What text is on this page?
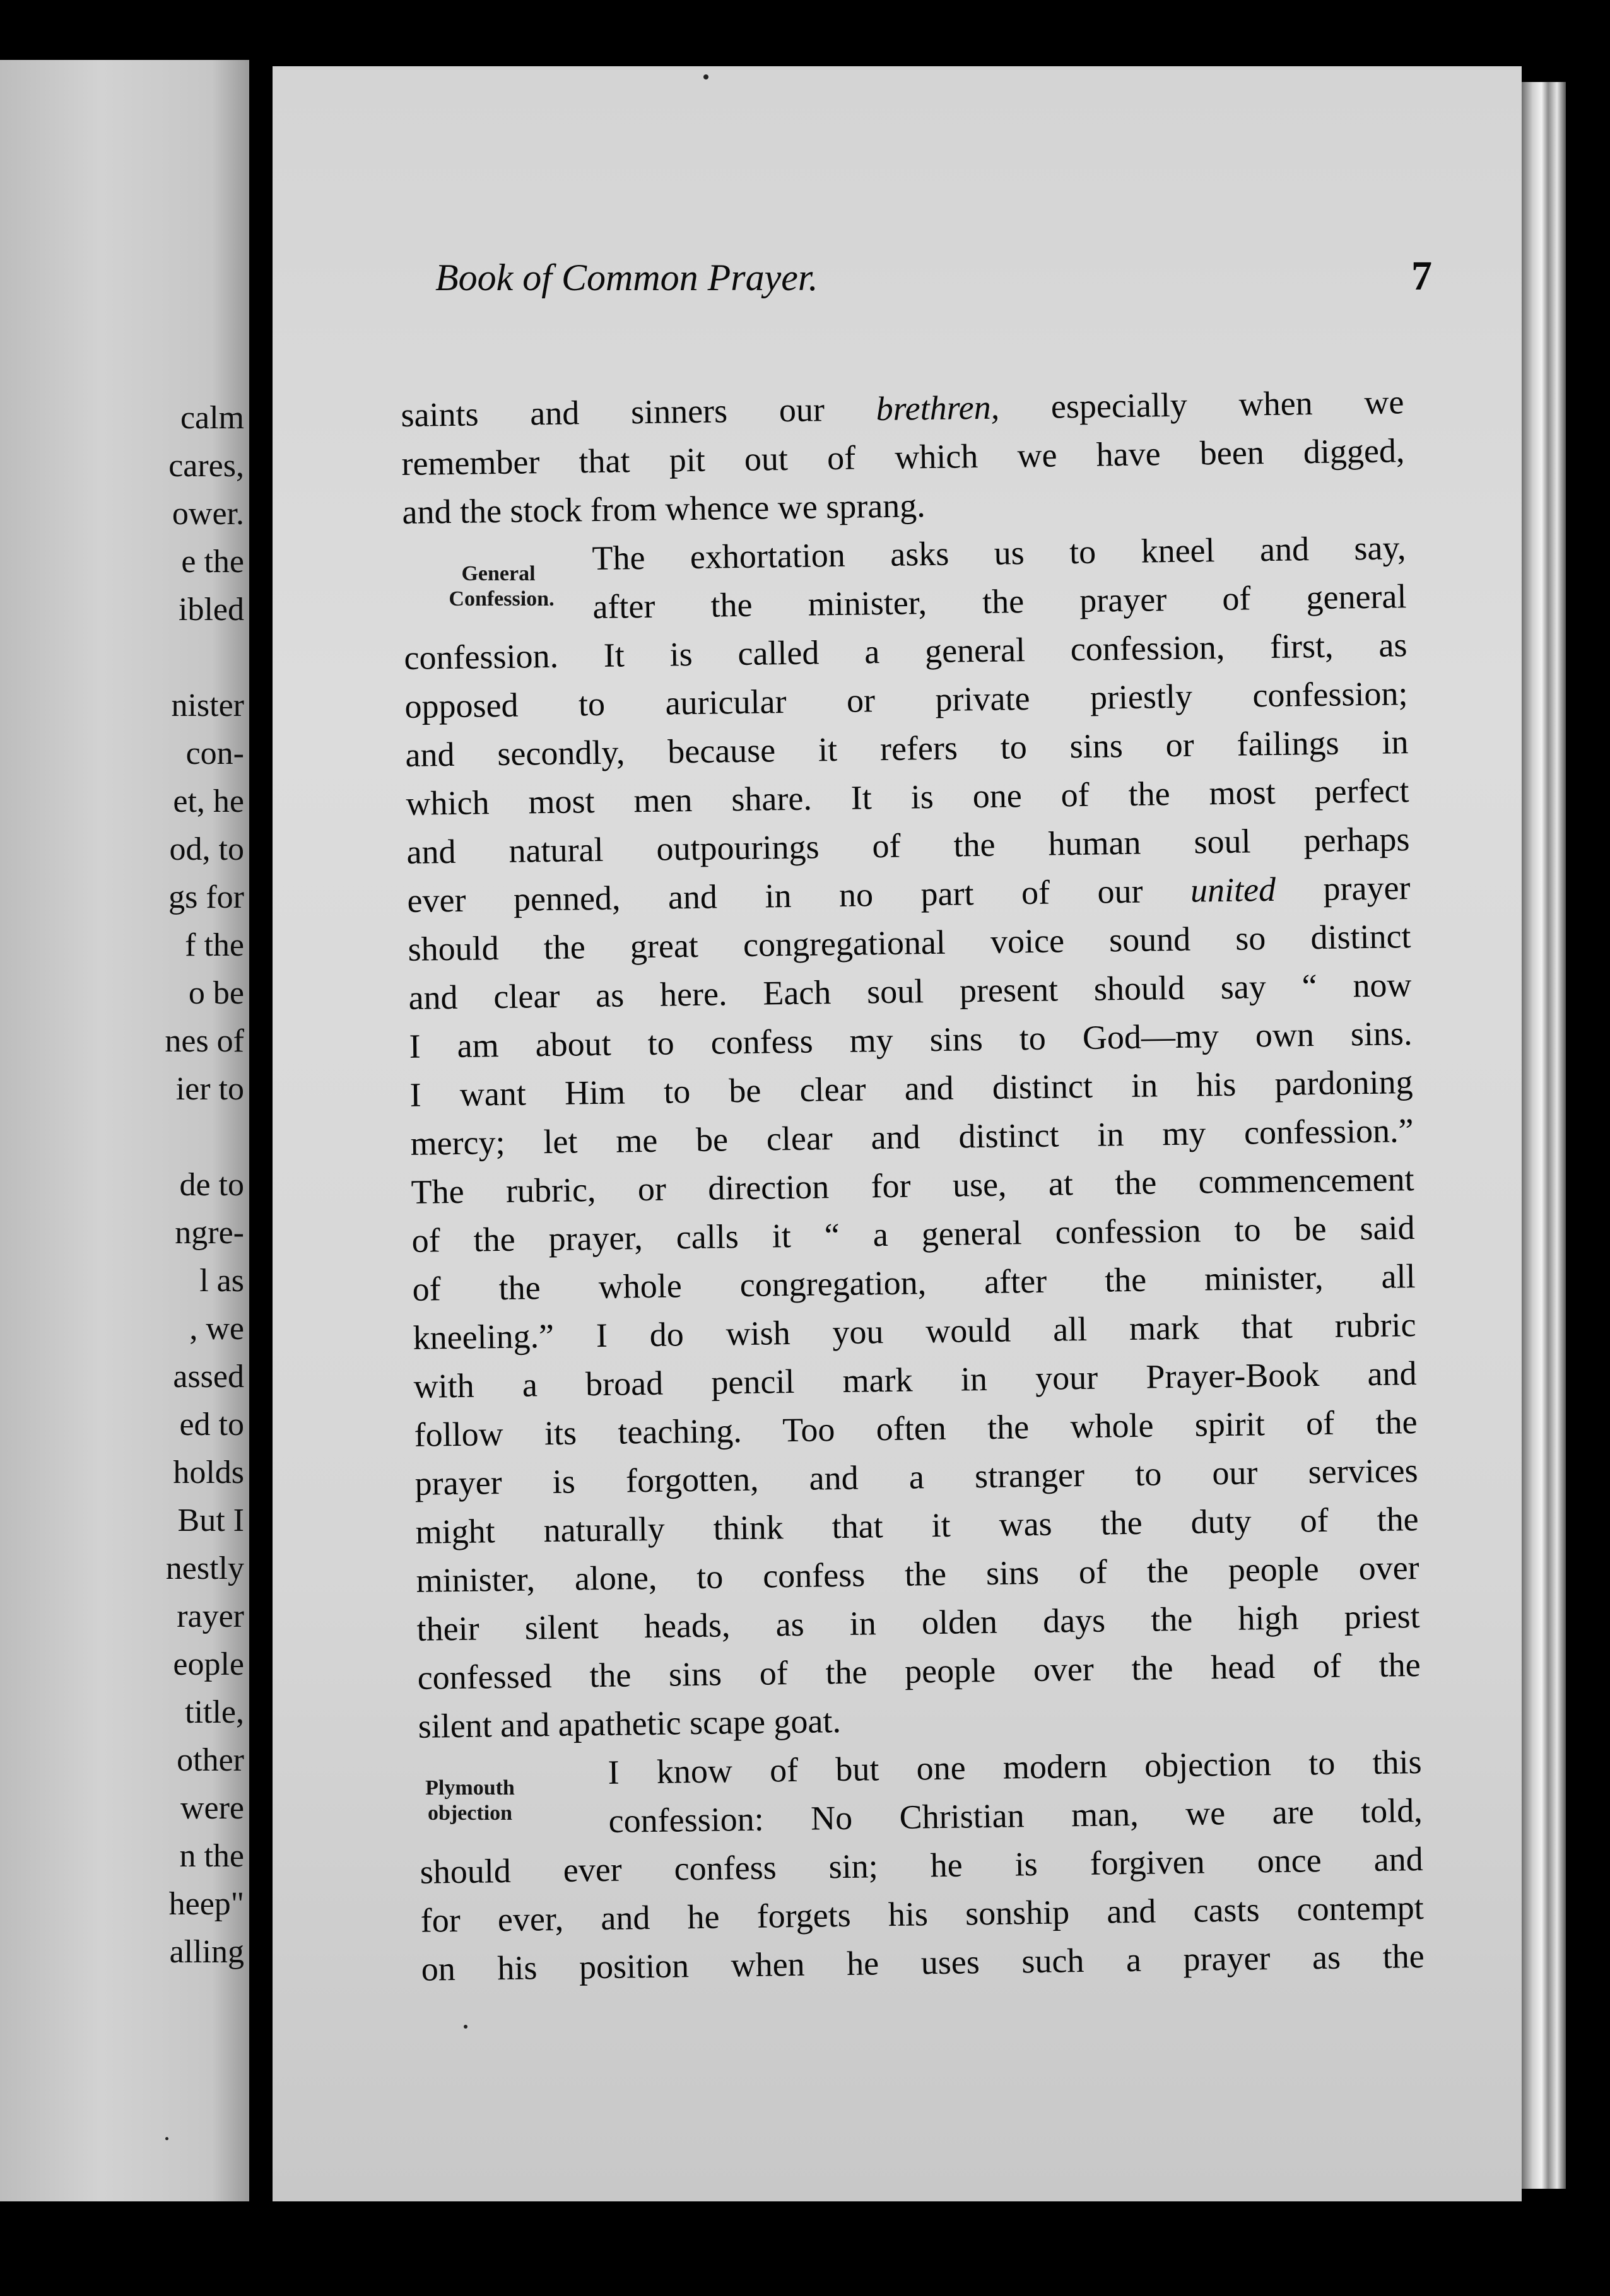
calm
cares,
ower.
e the
ibled
nister
con-
et, he
od, to
gs for
f the
o be
nes of
ier to
de to
ngre-
l as
, we
assed
ed to
holds
But I
nestly
rayer
eople
title,
other
were
n the
heep"
alling
Book of Common Prayer.	7
General
Confession.
Plymouth
objection
saints and sinners our brethren, especially when we
remember that pit out of which we have been digged,
and the stock from whence we sprang.
The exhortation asks us to kneel and say,
after the minister, the prayer of general
confession. It is called a general confession, first, as
opposed to auricular or private priestly confession;
and secondly, because it refers to sins or failings in
which most men share. It is one of the most perfect
and natural outpourings of the human soul perhaps
ever penned, and in no part of our united prayer
should the great congregational voice sound so distinct
and clear as here. Each soul present should say “ now
I am about to confess my sins to God—my own sins.
I want Him to be clear and distinct in his pardoning
mercy; let me be clear and distinct in my confession.”
The rubric, or direction for use, at the commencement
of the prayer, calls it “ a general confession to be said
of the whole congregation, after the minister, all
kneeling.” I do wish you would all mark that rubric
with a broad pencil mark in your Prayer-Book and
follow its teaching. Too often the whole spirit of the
prayer is forgotten, and a stranger to our services
might naturally think that it was the duty of the
minister, alone, to confess the sins of the people over
their silent heads, as in olden days the high priest
confessed the sins of the people over the head of the
silent and apathetic scape goat.
I know of but one modern objection to this
confession: No Christian man, we are told,
should ever confess sin; he is forgiven once and
for ever, and he forgets his sonship and casts contempt
on his position when he uses such a prayer as the
